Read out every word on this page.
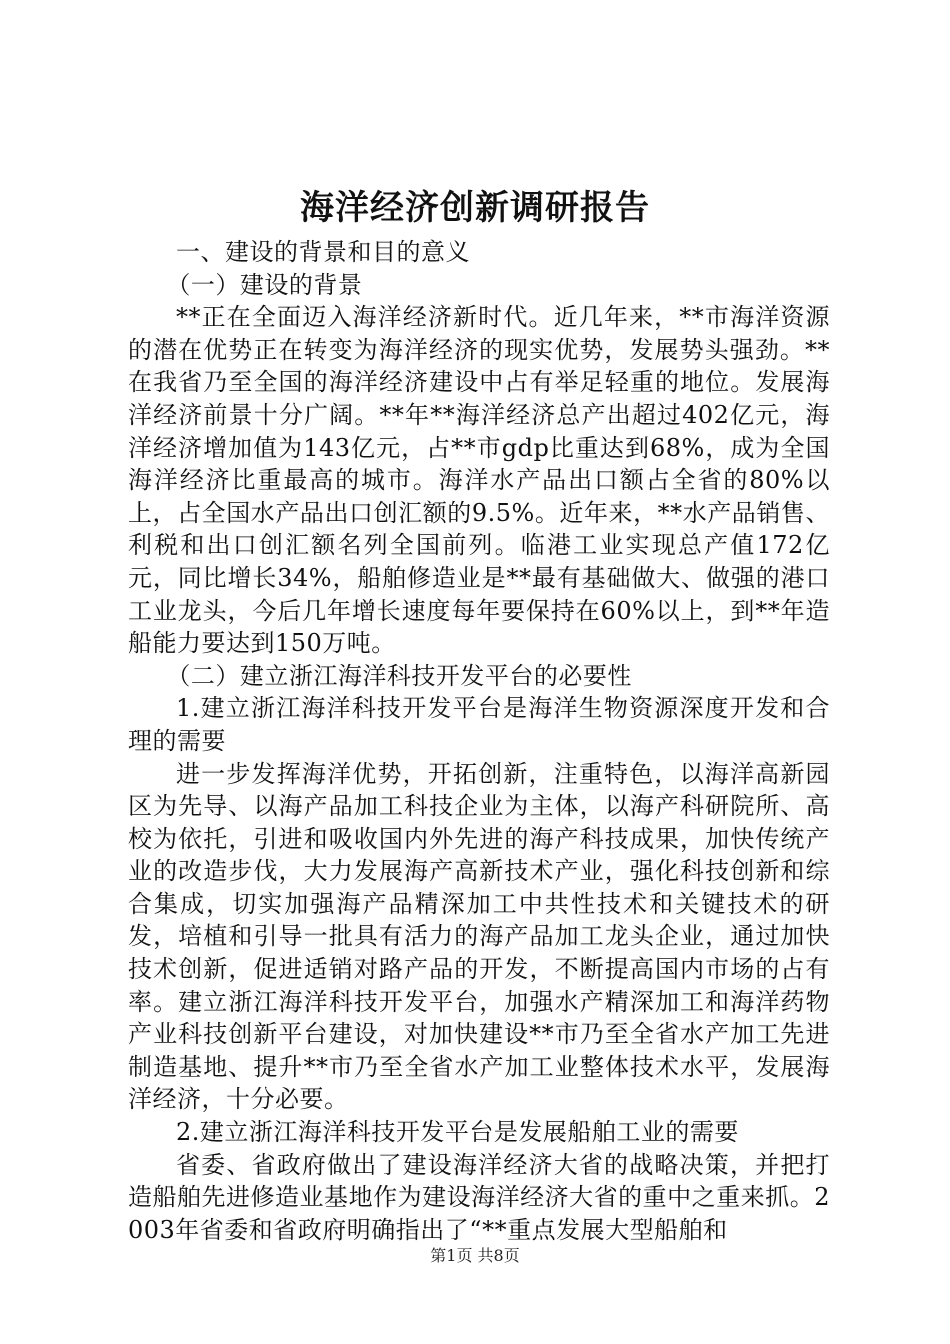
海洋经济创新调研报告

一、建设的背景和目的意义

（一）建设的背景

**正在全面迈入海洋经济新时代。近几年来，**市海洋资源的潜在优势正在转变为海洋经济的现实优势，发展势头强劲。**在我省乃至全国的海洋经济建设中占有举足轻重的地位。发展海洋经济前景十分广阔。**年**海洋经济总产出超过402亿元，海洋经济增加值为143亿元，占**市gdp比重达到68%，成为全国海洋经济比重最高的城市。海洋水产品出口额占全省的80%以上，占全国水产品出口创汇额的9.5%。近年来，**水产品销售、利税和出口创汇额名列全国前列。临港工业实现总产值172亿元，同比增长34%，船舶修造业是**最有基础做大、做强的港口工业龙头，今后几年增长速度每年要保持在60%以上，到**年造船能力要达到150万吨。

（二）建立浙江海洋科技开发平台的必要性

1.建立浙江海洋科技开发平台是海洋生物资源深度开发和合理的需要

进一步发挥海洋优势，开拓创新，注重特色，以海洋高新园区为先导、以海产品加工科技企业为主体，以海产科研院所、高校为依托，引进和吸收国内外先进的海产科技成果，加快传统产业的改造步伐，大力发展海产高新技术产业，强化科技创新和综合集成，切实加强海产品精深加工中共性技术和关键技术的研发，培植和引导一批具有活力的海产品加工龙头企业，通过加快技术创新，促进适销对路产品的开发，不断提高国内市场的占有率。建立浙江海洋科技开发平台，加强水产精深加工和海洋药物产业科技创新平台建设，对加快建设**市乃至全省水产加工先进制造基地、提升**市乃至全省水产加工业整体技术水平，发展海洋经济，十分必要。

2.建立浙江海洋科技开发平台是发展船舶工业的需要

省委、省政府做出了建设海洋经济大省的战略决策，并把打造船舶先进修造业基地作为建设海洋经济大省的重中之重来抓。2003年省委和省政府明确指出了“**重点发展大型船舶和

第1页 共8页
